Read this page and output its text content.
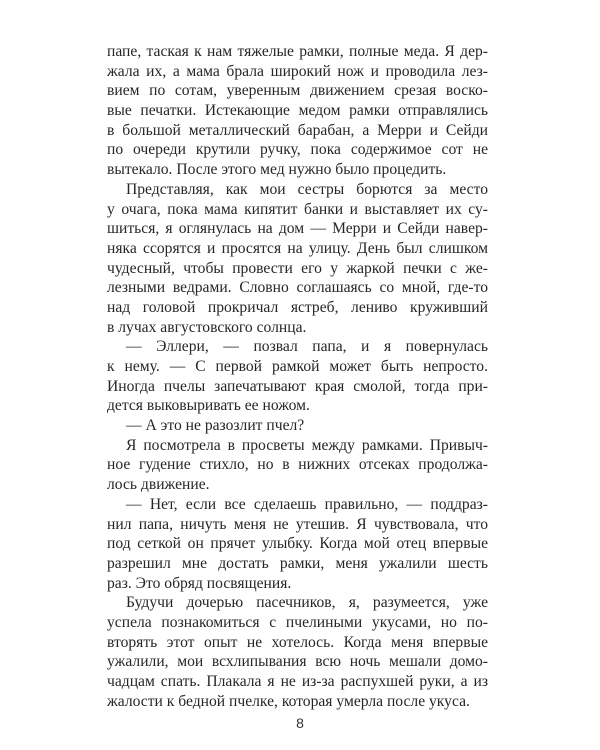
папе, таская к нам тяжелые рамки, полные меда. Я дер-
жала их, а мама брала широкий нож и проводила лез-
вием по сотам, уверенным движением срезая воско-
вые печатки. Истекающие медом рамки отправлялись
в большой металлический барабан, а Мерри и Сейди
по очереди крутили ручку, пока содержимое сот не
вытекало. После этого мед нужно было процедить.
Представляя, как мои сестры борются за место
у очага, пока мама кипятит банки и выставляет их су-
шиться, я оглянулась на дом — Мерри и Сейди навер-
няка ссорятся и просятся на улицу. День был слишком
чудесный, чтобы провести его у жаркой печки с же-
лезными ведрами. Словно соглашаясь со мной, где-то
над головой прокричал ястреб, лениво круживший
в лучах августовского солнца.
— Эллери, — позвал папа, и я повернулась
к нему. — С первой рамкой может быть непросто.
Иногда пчелы запечатывают края смолой, тогда при-
дется выковыривать ее ножом.
— А это не разозлит пчел?
Я посмотрела в просветы между рамками. Привыч-
ное гудение стихло, но в нижних отсеках продолжа-
лось движение.
— Нет, если все сделаешь правильно, — поддраз-
нил папа, ничуть меня не утешив. Я чувствовала, что
под сеткой он прячет улыбку. Когда мой отец впервые
разрешил мне достать рамки, меня ужалили шесть
раз. Это обряд посвящения.
Будучи дочерью пасечников, я, разумеется, уже
успела познакомиться с пчелиными укусами, но по-
вторять этот опыт не хотелось. Когда меня впервые
ужалили, мои всхлипывания всю ночь мешали домо-
чадцам спать. Плакала я не из-за распухшей руки, а из
жалости к бедной пчелке, которая умерла после укуса.
8
